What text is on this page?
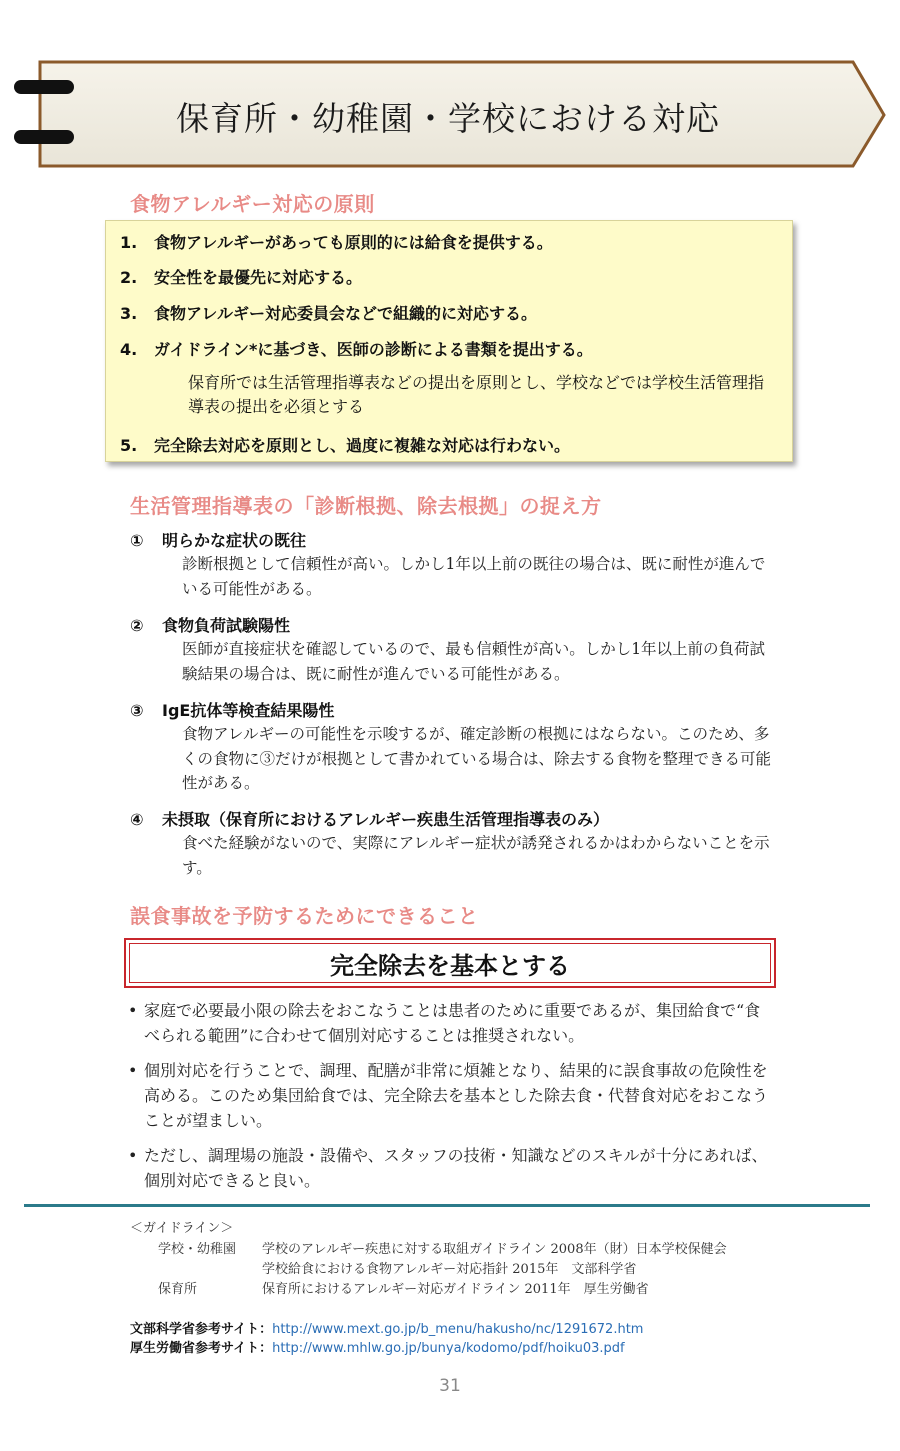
保育所・幼稚園・学校における対応
食物アレルギー対応の原則
1. 食物アレルギーがあっても原則的には給食を提供する。
2. 安全性を最優先に対応する。
3. 食物アレルギー対応委員会などで組織的に対応する。
4. ガイドライン*に基づき、医師の診断による書類を提出する。
保育所では生活管理指導表などの提出を原則とし、学校などでは学校生活管理指導表の提出を必須とする
5. 完全除去対応を原則とし、過度に複雑な対応は行わない。
生活管理指導表の「診断根拠、除去根拠」の捉え方
① 明らかな症状の既往
診断根拠として信頼性が高い。しかし1年以上前の既往の場合は、既に耐性が進んでいる可能性がある。
② 食物負荷試験陽性
医師が直接症状を確認しているので、最も信頼性が高い。しかし1年以上前の負荷試験結果の場合は、既に耐性が進んでいる可能性がある。
③ IgE抗体等検査結果陽性
食物アレルギーの可能性を示唆するが、確定診断の根拠にはならない。このため、多くの食物に③だけが根拠として書かれている場合は、除去する食物を整理できる可能性がある。
④ 未摂取（保育所におけるアレルギー疾患生活管理指導表のみ）
食べた経験がないので、実際にアレルギー症状が誘発されるかはわからないことを示す。
誤食事故を予防するためにできること
完全除去を基本とする
• 家庭で必要最小限の除去をおこなうことは患者のために重要であるが、集団給食で“食べられる範囲”に合わせて個別対応することは推奨されない。
• 個別対応を行うことで、調理、配膳が非常に煩雑となり、結果的に誤食事故の危険性を高める。このため集団給食では、完全除去を基本とした除去食・代替食対応をおこなうことが望ましい。
• ただし、調理場の施設・設備や、スタッフの技術・知識などのスキルが十分にあれば、個別対応できると良い。
＜ガイドライン＞
学校・幼稚園 学校のアレルギー疾患に対する取組ガイドライン 2008年（財）日本学校保健会
学校給食における食物アレルギー対応指針 2015年　文部科学省
保育所	保育所におけるアレルギー対応ガイドライン 2011年　厚生労働省
文部科学省参考サイト：http://www.mext.go.jp/b_menu/hakusho/nc/1291672.htm
厚生労働省参考サイト：http://www.mhlw.go.jp/bunya/kodomo/pdf/hoiku03.pdf
31
